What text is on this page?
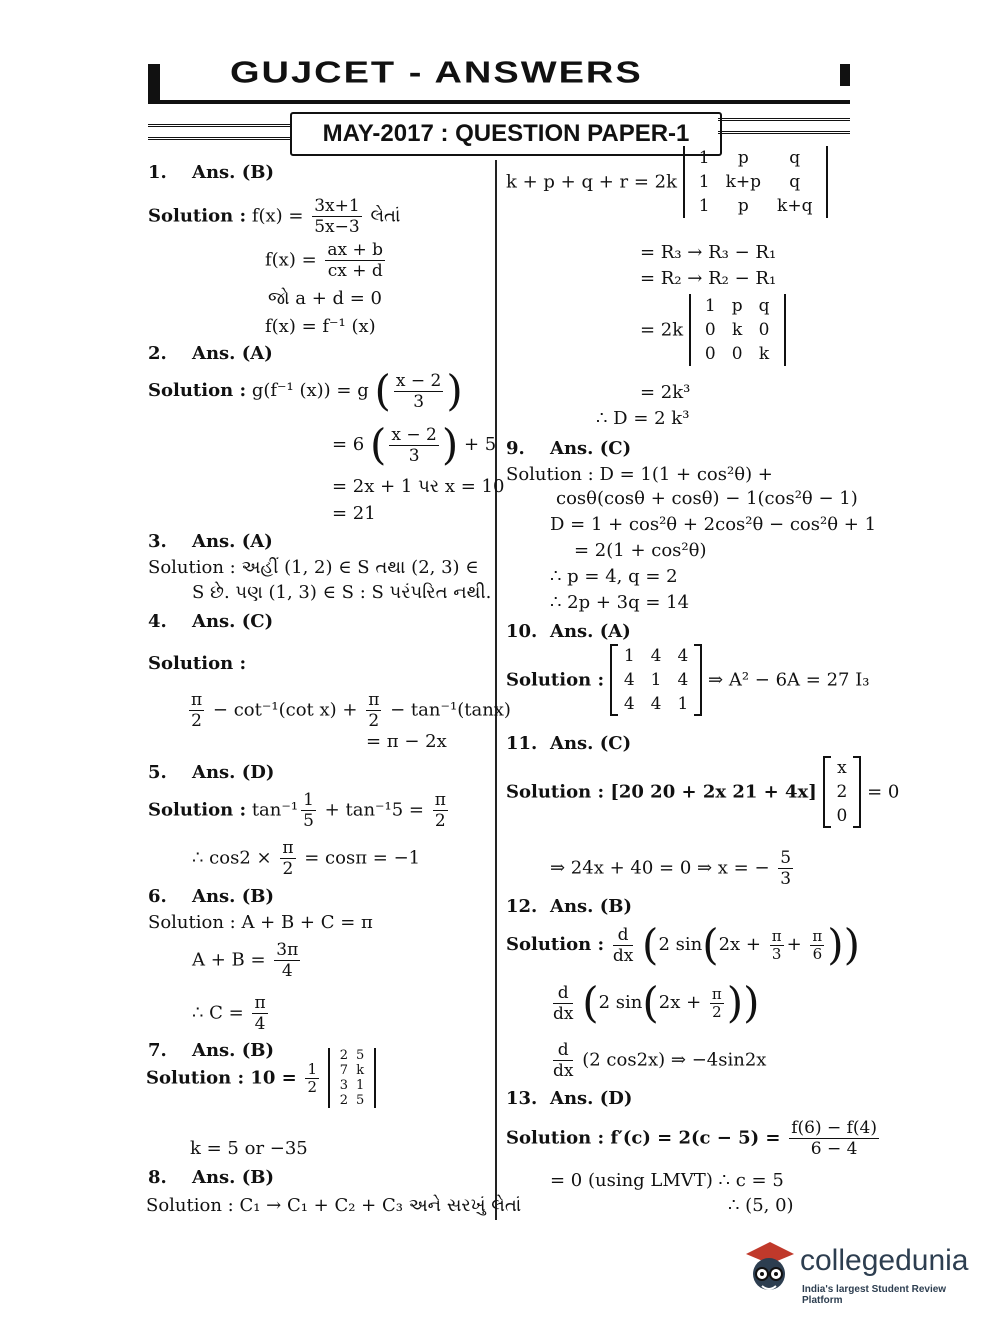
GUJCET - ANSWERS
MAY-2017 : QUESTION PAPER-1
1. Ans. (B)
Solution : $f(x) = \frac{3x+1}{5x-3}$ લેતાં
$f(x) = \frac{ax + b}{cx + d}$
જો a + d = 0
f(x) = f⁻¹ (x)
2. Ans. (A)
Solution : g(f⁻¹ (x)) = g ( $\frac{x - 2}{3}$ )
= 6 ( $\frac{x - 2}{3}$ ) + 5
= 2x + 1 પર x = 10
= 21
3. Ans. (A)
Solution : અહીં (1, 2) ∈ S તથા (2, 3) ∈
S છે. પણ (1, 3) ∈ S : S પરંપરિત નથી.
4. Ans. (C)
Solution :
$\frac{\pi}{2} - \cot^{-1}(\cot$ $x) + \frac{\pi}{2} - \tan^{-1}(\tan x)$
= π − 2x
5. Ans. (D)
Solution : $\tan^{-1} \frac{1}{5} + \tan^{-1}5 = \frac{\pi}{2}$
∴ $\cos 2 \times \frac{\pi}{2} = \cos\pi = -1$
6. Ans. (B)
Solution : A + B + C = π
$A + B = \frac{3\pi}{4}$
∴ $C = \frac{\pi}{4}$
7. Ans. (B)
Solution : $10 = \frac{1}{2}$

2	5
7	k
3	1
2	5
k = 5 or −35
8. Ans. (B)
Solution : C₁ → C₁ + C₂ + C₃ અને સરખું લેતાં
k + p + q + r = 2k
1	p	q
1	k+p	q
1	p	k+q
= R₃ → R₃ − R₁
= R₂ → R₂ − R₁
= 2k
1	p	q
0	k	0
0	0	k
= 2k³
∴ D = 2 k³
9. Ans. (C)
Solution : D = 1(1 + cos²θ) +
cosθ(cosθ + cosθ) − 1(cos²θ − 1)
D = 1 + cos²θ + 2cos²θ − cos²θ + 1
= 2(1 + cos²θ)
∴ p = 4, q = 2
∴ 2p + 3q = 14
10. Ans. (A)
Solution :
1	4	4
4	1	4
4	4	1
⇒ A² − 6A = 27 I₃
11. Ans. (C)
Solution : [20 20 + 2x 21 + 4x]
x
2
0
= 0
⇒ 24x + 40 = 0 ⇒ x = − $\frac{5}{3}$
12. Ans. (B)
Solution : $\frac{d}{dx} (2$ $\sin(2x + \frac{\pi}{3} + \frac{\pi}{6}$ ))
$\frac{d}{dx} (2$ $\sin(2x + \frac{\pi}{2}$ ))
$\frac{d}{dx} (2$ cos2x) ⇒ −4sin2x
13. Ans. (D)
Solution : $f'(c) = 2(c - 5) = \frac{f(6) - f(4)}{6 - 4}$
= 0 (using LMVT) ∴ c = 5
∴ (5, 0)
collegedunia
India's largest Student Review Platform
